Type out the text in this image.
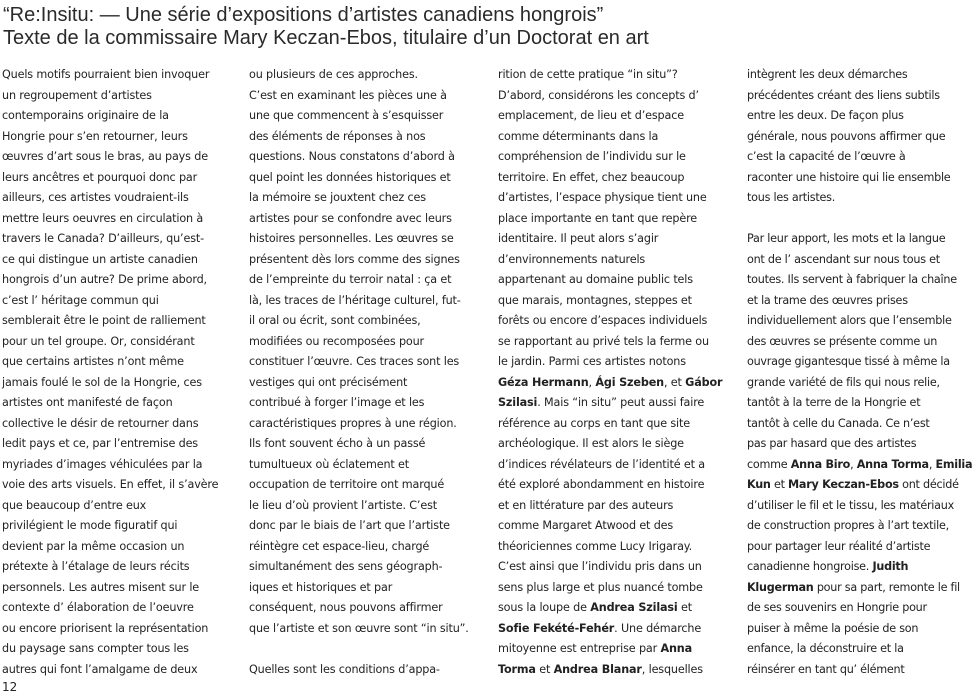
“Re:Insitu: — Une série d’expositions d’artistes canadiens hongrois”
Texte de la commissaire Mary Keczan-Ebos, titulaire d’un Doctorat en art
Quels motifs pourraient bien invoquer
un regroupement d’artistes
contemporains originaire de la
Hongrie pour s’en retourner, leurs
œuvres d’art sous le bras, au pays de
leurs ancêtres et pourquoi donc par
ailleurs, ces artistes voudraient-ils
mettre leurs oeuvres en circulation à
travers le Canada? D’ailleurs, qu’est-
ce qui distingue un artiste canadien
hongrois d’un autre? De prime abord,
c’est l’ héritage commun qui
semblerait être le point de ralliement
pour un tel groupe. Or, considérant
que certains artistes n’ont même
jamais foulé le sol de la Hongrie, ces
artistes ont manifesté de façon
collective le désir de retourner dans
ledit pays et ce, par l’entremise des
myriades d’images véhiculées par la
voie des arts visuels. En effet, il s’avère
que beaucoup d’entre eux
privilégient le mode figuratif qui
devient par la même occasion un
prétexte à l’étalage de leurs récits
personnels. Les autres misent sur le
contexte d’ élaboration de l’oeuvre
ou encore priorisent la représentation
du paysage sans compter tous les
autres qui font l’amalgame de deux
ou plusieurs de ces approches.
C’est en examinant les pièces une à
une que commencent à s’esquisser
des éléments de réponses à nos
questions. Nous constatons d’abord à
quel point les données historiques et
la mémoire se jouxtent chez ces
artistes pour se confondre avec leurs
histoires personnelles. Les œuvres se
présentent dès lors comme des signes
de l’empreinte du terroir natal : ça et
là, les traces de l’héritage culturel, fut-
il oral ou écrit, sont combinées,
modifiées ou recomposées pour
constituer l’œuvre. Ces traces sont les
vestiges qui ont précisément
contribué à forger l’image et les
caractéristiques propres à une région.
Ils font souvent écho à un passé
tumultueux où éclatement et
occupation de territoire ont marqué
le lieu d’où provient l’artiste. C’est
donc par le biais de l’art que l’artiste
réintègre cet espace-lieu, chargé
simultanément des sens géograph-
iques et historiques et par
conséquent, nous pouvons affirmer
que l’artiste et son œuvre sont “in situ”.
Quelles sont les conditions d’appa-
rition de cette pratique “in situ”?
D’abord, considérons les concepts d’
emplacement, de lieu et d’espace
comme déterminants dans la
compréhension de l’individu sur le
territoire. En effet, chez beaucoup
d’artistes, l’espace physique tient une
place importante en tant que repère
identitaire. Il peut alors s’agir
d’environnements naturels
appartenant au domaine public tels
que marais, montagnes, steppes et
forêts ou encore d’espaces individuels
se rapportant au privé tels la ferme ou
le jardin. Parmi ces artistes notons
Géza Hermann, Ági Szeben, et Gábor
Szilasi. Mais “in situ” peut aussi faire
référence au corps en tant que site
archéologique. Il est alors le siège
d’indices révélateurs de l’identité et a
été exploré abondamment en histoire
et en littérature par des auteurs
comme Margaret Atwood et des
théoriciennes comme Lucy Irigaray.
C’est ainsi que l’individu pris dans un
sens plus large et plus nuancé tombe
sous la loupe de Andrea Szilasi et
Sofie Fekété-Fehér. Une démarche
mitoyenne est entreprise par Anna
Torma et Andrea Blanar, lesquelles
intègrent les deux démarches
précédentes créant des liens subtils
entre les deux. De façon plus
générale, nous pouvons affirmer que
c’est la capacité de l’œuvre à
raconter une histoire qui lie ensemble
tous les artistes.
Par leur apport, les mots et la langue
ont de l’ ascendant sur nous tous et
toutes. Ils servent à fabriquer la chaîne
et la trame des œuvres prises
individuellement alors que l’ensemble
des œuvres se présente comme un
ouvrage gigantesque tissé à même la
grande variété de fils qui nous relie,
tantôt à la terre de la Hongrie et
tantôt à celle du Canada. Ce n’est
pas par hasard que des artistes
comme Anna Biro, Anna Torma, Emilia
Kun et Mary Keczan-Ebos ont décidé
d’utiliser le fil et le tissu, les matériaux
de construction propres à l’art textile,
pour partager leur réalité d’artiste
canadienne hongroise. Judith
Klugerman pour sa part, remonte le fil
de ses souvenirs en Hongrie pour
puiser à même la poésie de son
enfance, la déconstruire et la
réinsérer en tant qu’ élément
12
